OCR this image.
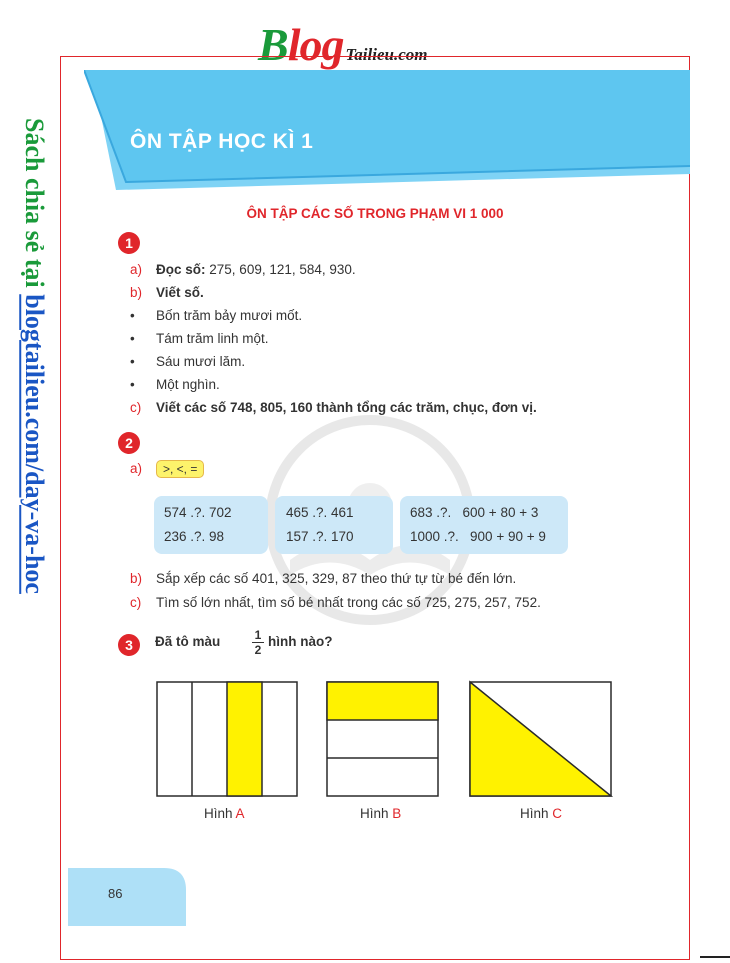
Blog Tailieu.com
Sách chia sẻ tại blogtailieu.com/day-va-hoc
ÔN TẬP HỌC KÌ 1
ÔN TẬP CÁC SỐ TRONG PHẠM VI 1 000
1
a) Đọc số: 275, 609, 121, 584, 930.
b) Viết số.
• Bốn trăm bảy mươi mốt.
• Tám trăm linh một.
• Sáu mươi lăm.
• Một nghìn.
c) Viết các số 748, 805, 160 thành tổng các trăm, chục, đơn vị.
2
a) >, <, =
574 .?. 702
236 .?. 98
465 .?. 461
157 .?. 170
683 .?.   600 + 80 + 3
1000 .?.   900 + 90 + 9
b) Sắp xếp các số 401, 325, 329, 87 theo thứ tự từ bé đến lớn.
c) Tìm số lớn nhất, tìm số bé nhất trong các số 725, 275, 257, 752.
3	Đã tô màu	1
2
hình nào?
Hình A	Hình B	Hình C
86
